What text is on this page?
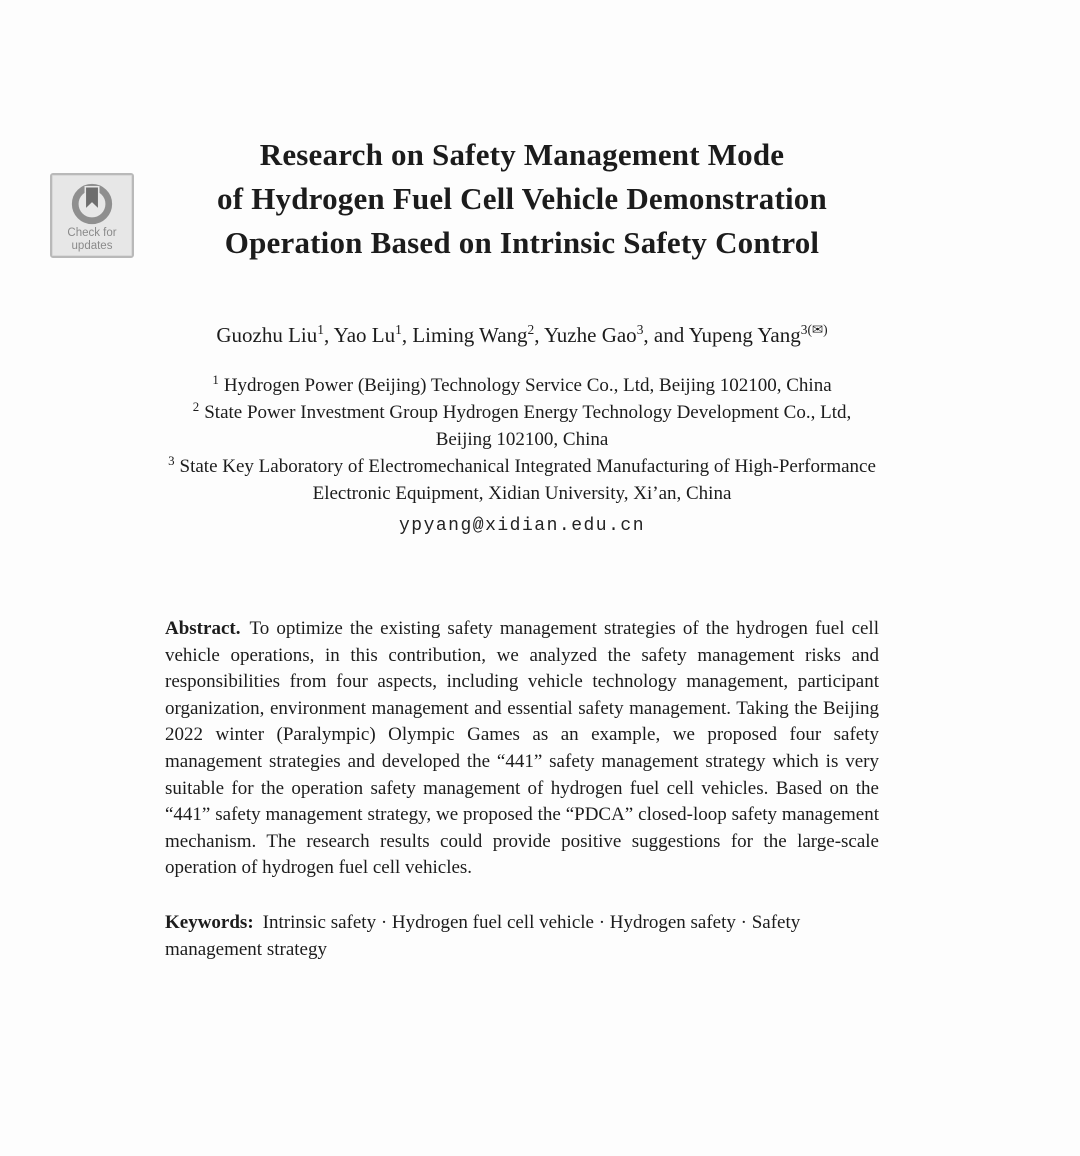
Check for
updates
Research on Safety Management Mode
of Hydrogen Fuel Cell Vehicle Demonstration
Operation Based on Intrinsic Safety Control
Guozhu Liu$^1$, Yao Lu$^1$, Liming Wang$^2$, Yuzhe Gao$^3$, and Yupeng Yang$^{3(✉)}$
$^1$ Hydrogen Power (Beijing) Technology Service Co., Ltd, Beijing 102100, China
$^2$ State Power Investment Group Hydrogen Energy Technology Development Co., Ltd,
Beijing 102100, China
$^3$ State Key Laboratory of Electromechanical Integrated Manufacturing of High-Performance
Electronic Equipment, Xidian University, Xi’an, China
ypyang@xidian.edu.cn

Abstract. To optimize the existing safety management strategies of the hydrogen fuel cell vehicle operations, in this contribution, we analyzed the safety management risks and responsibilities from four aspects, including vehicle technology management, participant organization, environment management and essential safety management. Taking the Beijing 2022 winter (Paralympic) Olympic Games as an example, we proposed four safety management strategies and developed the “441” safety management strategy which is very suitable for the operation safety management of hydrogen fuel cell vehicles. Based on the “441” safety management strategy, we proposed the “PDCA” closed-loop safety management mechanism. The research results could provide positive suggestions for the large-scale operation of hydrogen fuel cell vehicles.

Keywords: Intrinsic safety · Hydrogen fuel cell vehicle · Hydrogen safety · Safety management strategy
